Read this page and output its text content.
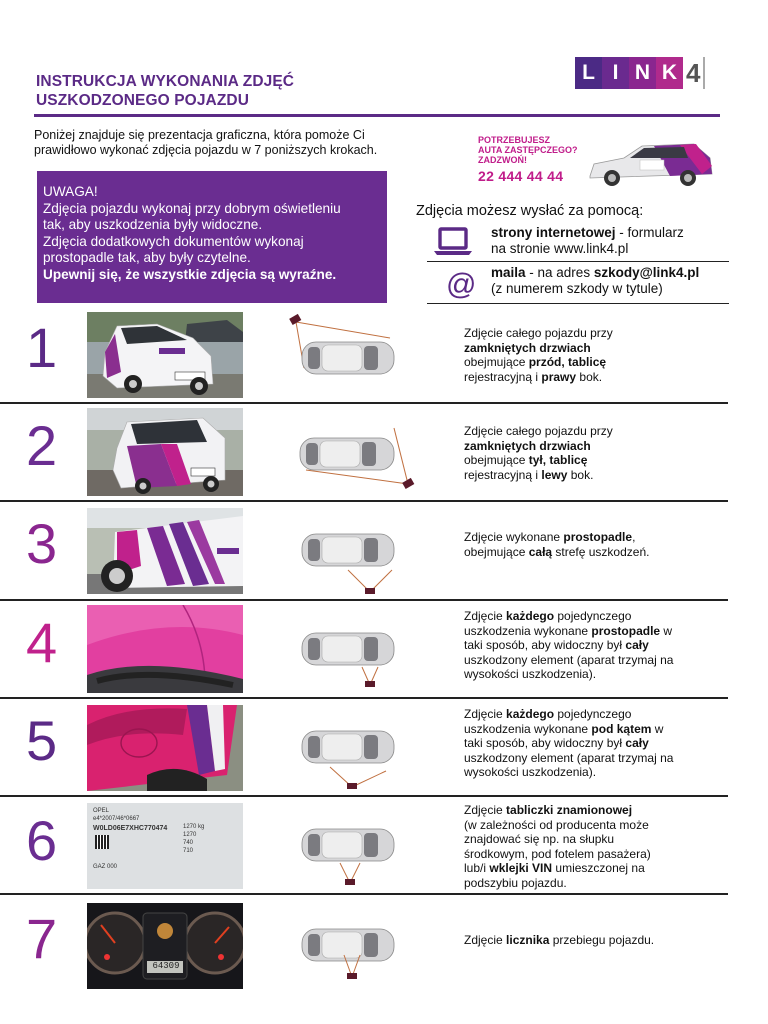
INSTRUKCJA WYKONANIA ZDJĘĆ
USZKODZONEGO POJAZDU
L I N K 4
Poniżej znajduje się prezentacja graficzna, która pomoże Ci
prawidłowo wykonać zdjęcia pojazdu w 7 poniższych krokach.
POTRZEBUJESZ
AUTA ZASTĘPCZEGO?
ZADZWOŃ!
22 444 44 44
UWAGA!
Zdjęcia pojazdu wykonaj przy dobrym oświetleniu
tak, aby uszkodzenia były widoczne.
Zdjęcia dodatkowych dokumentów wykonaj
prostopadle tak, aby były czytelne.
Upewnij się, że wszystkie zdjęcia są wyraźne.
Zdjęcia możesz wysłać za pomocą:
strony internetowej - formularz
na stronie www.link4.pl
@ maila - na adres szkody@link4.pl
(z numerem szkody w tytule)
1	Zdjęcie całego pojazdu przy
zamkniętych drzwiach
obejmujące przód, tablicę
rejestracyjną i prawy bok.
2	Zdjęcie całego pojazdu przy
zamkniętych drzwiach
obejmujące tył, tablicę
rejestracyjną i lewy bok.
3	Zdjęcie wykonane prostopadle,
obejmujące całą strefę uszkodzeń.
4	Zdjęcie każdego pojedynczego
uszkodzenia wykonane prostopadle w
taki sposób, aby widoczny był cały
uszkodzony element (aparat trzymaj na
wysokości uszkodzenia).
5	Zdjęcie każdego pojedynczego
uszkodzenia wykonane pod kątem w
taki sposób, aby widoczny był cały
uszkodzony element (aparat trzymaj na
wysokości uszkodzenia).
6	OPEL
e4*2007/46*0667
W0LD06E7XHC770474	1270 kg
1270
740
710
GAZ 000
Zdjęcie tabliczki znamionowej
(w zależności od producenta może
znajdować się np. na słupku
środkowym, pod fotelem pasażera)
lub/i wklejki VIN umieszczonej na
podszybiu pojazdu.
7	64309
Zdjęcie licznika przebiegu pojazdu.
